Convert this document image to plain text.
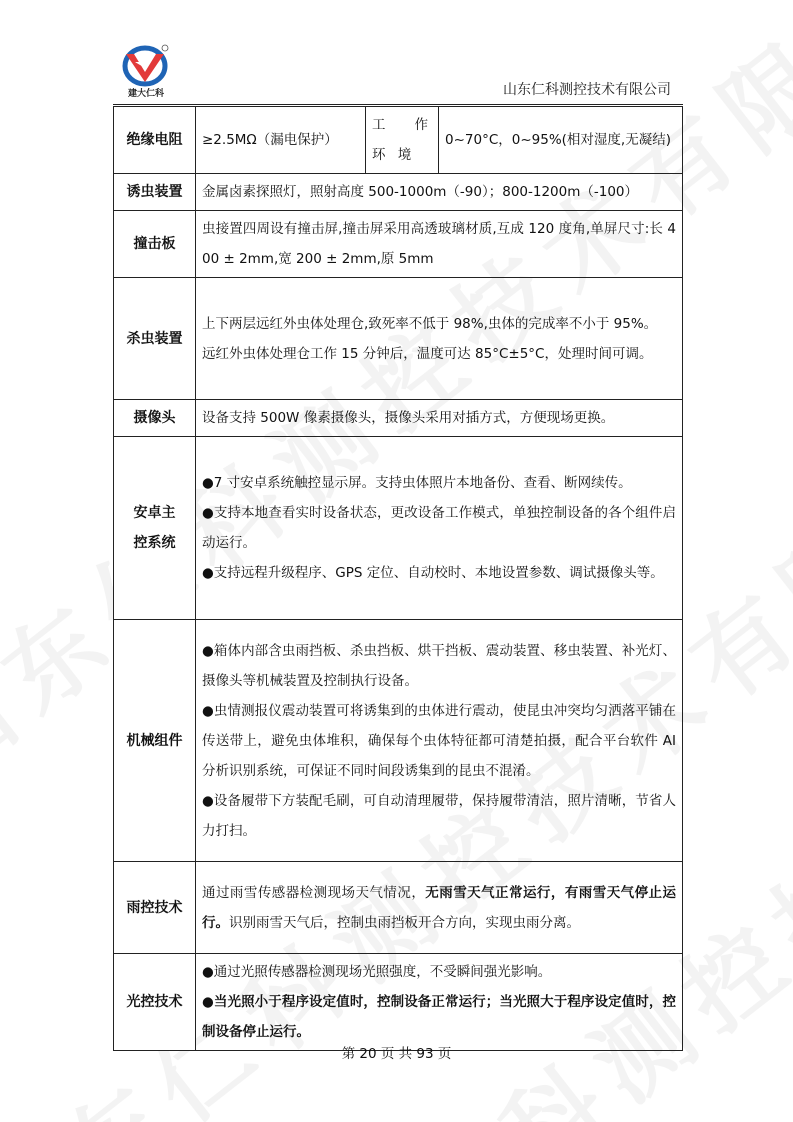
建大仁科	山东仁科测控技术有限公司
绝缘电阻	≥2.5MΩ（漏电保护）	工 作 环 境	0~70°C，0~95%(相对湿度,无凝结)
诱虫装置	金属卤素探照灯，照射高度 500-1000m（-90）；800-1200m（-100）		
撞击板	虫接置四周设有撞击屏,撞击屏采用高透玻璃材质,互成 120 度角,单屏尺寸:长 400 ± 2mm,宽 200 ± 2mm,原 5mm		
杀虫装置	上下两层远红外虫体处理仓,致死率不低于 98%,虫体的完成率不小于 95%。
远红外虫体处理仓工作 15 分钟后，温度可达 85°C±5°C，处理时间可调。		

摄像头	设备支持 500W 像素摄像头，摄像头采用对插方式，方便现场更换。		
安卓主控系统	●7 寸安卓系统触控显示屏。支持虫体照片本地备份、查看、断网续传。
●支持本地查看实时设备状态，更改设备工作模式，单独控制设备的各个组件启动运行。
●支持远程升级程序、GPS 定位、自动校时、本地设置参数、调试摄像头等。		

机械组件	●箱体内部含虫雨挡板、杀虫挡板、烘干挡板、震动装置、移虫装置、补光灯、摄像头等机械装置及控制执行设备。
●虫情测报仪震动装置可将诱集到的虫体进行震动，使昆虫冲突均匀洒落平铺在传送带上，避免虫体堆积，确保每个虫体特征都可清楚拍摄，配合平台软件 AI 分析识别系统，可保证不同时间段诱集到的昆虫不混淆。
●设备履带下方装配毛刷，可自动清理履带，保持履带清洁，照片清晰，节省人力打扫。		

雨控技术	通过雨雪传感器检测现场天气情况，无雨雪天气正常运行，有雨雪天气停止运行。识别雨雪天气后，控制虫雨挡板开合方向，实现虫雨分离。		
光控技术	●通过光照传感器检测现场光照强度，不受瞬间强光影响。
●当光照小于程序设定值时，控制设备正常运行；当光照大于程序设定值时，控制设备停止运行。		
第 20 页 共 93 页
